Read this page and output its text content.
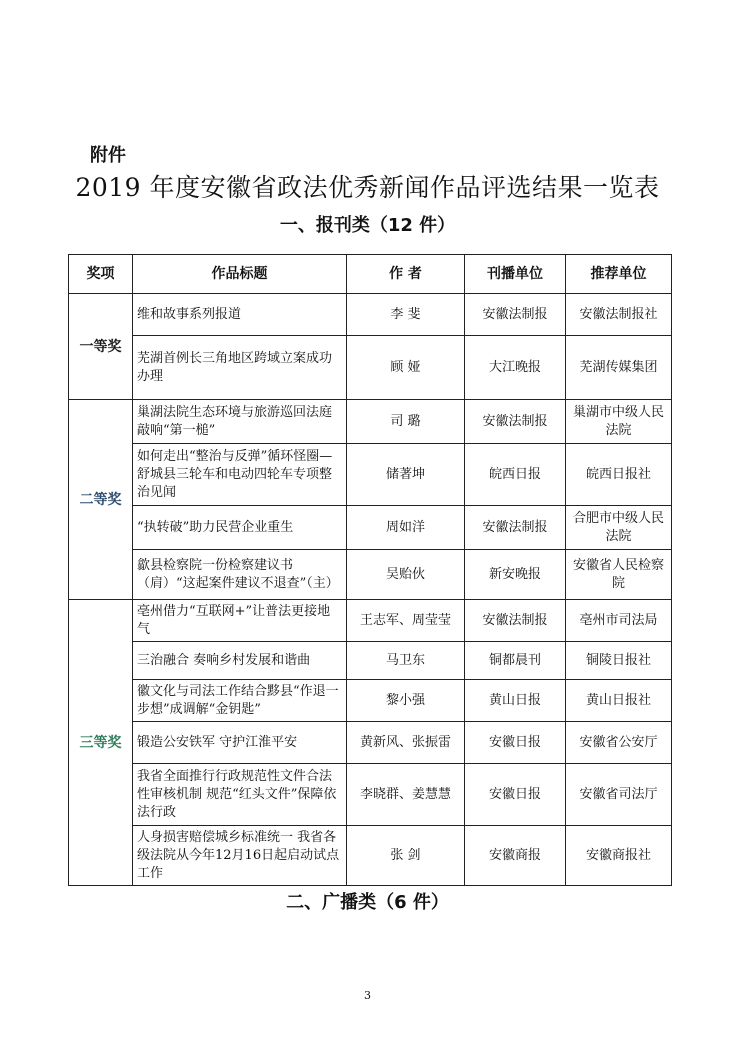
附件
2019 年度安徽省政法优秀新闻作品评选结果一览表
一、报刊类（12 件）
奖项	作品标题	作 者	刊播单位	推荐单位
一等奖	维和故事系列报道	李 斐	安徽法制报	安徽法制报社
	芜湖首例长三角地区跨域立案成功办理	顾 娅	大江晚报	芜湖传媒集团
二等奖	巢湖法院生态环境与旅游巡回法庭敲响“第一槌”	司 璐	安徽法制报	巢湖市中级人民法院
	如何走出“整治与反弹”循环怪圈—舒城县三轮车和电动四轮车专项整治见闻	储著坤	皖西日报	皖西日报社
	“执转破”助力民营企业重生	周如洋	安徽法制报	合肥市中级人民法院
	歙县检察院一份检察建议书（肩）“这起案件建议不退查”（主）	吴贻伙	新安晚报	安徽省人民检察院
三等奖	亳州借力“互联网+”让普法更接地气	王志军、周莹莹	安徽法制报	亳州市司法局
	三治融合 奏响乡村发展和谐曲	马卫东	铜都晨刊	铜陵日报社
	徽文化与司法工作结合黟县“作退一步想”成调解“金钥匙”	黎小强	黄山日报	黄山日报社
	锻造公安铁军 守护江淮平安	黄新风、张振雷	安徽日报	安徽省公安厅
	我省全面推行行政规范性文件合法性审核机制 规范“红头文件”保障依法行政	李晓群、姜慧慧	安徽日报	安徽省司法厅
	人身损害赔偿城乡标准统一 我省各级法院从今年12月16日起启动试点工作	张 剑	安徽商报	安徽商报社
二、广播类（6 件）
3
